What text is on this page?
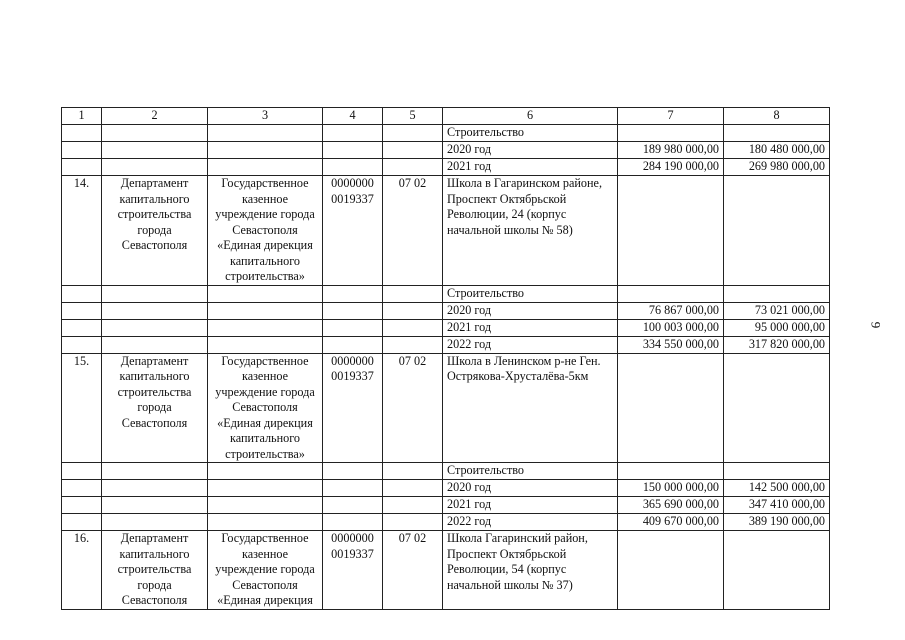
1	2	3	4	5	6	7	8
					Строительство		
					2020 год	189 980 000,00	180 480 000,00
					2021 год	284 190 000,00	269 980 000,00
14.	Департамент капитального строительства города Севастополя	Государственное казенное учреждение города Севастополя «Единая дирекция капитального строительства»	0000000 0019337	07 02	Школа в Гагаринском районе, Проспект Октябрьской Революции, 24 (корпус начальной школы № 58)		
					Строительство		
					2020 год	76 867 000,00	73 021 000,00
					2021 год	100 003 000,00	95 000 000,00
					2022 год	334 550 000,00	317 820 000,00
15.	Департамент капитального строительства города Севастополя	Государственное казенное учреждение города Севастополя «Единая дирекция капитального строительства»	0000000 0019337	07 02	Школа в Ленинском р-не Ген. Острякова-Хрусталёва-5км		
					Строительство		
					2020 год	150 000 000,00	142 500 000,00
					2021 год	365 690 000,00	347 410 000,00
					2022 год	409 670 000,00	389 190 000,00
16.	Департамент капитального строительства города Севастополя	Государственное казенное учреждение города Севастополя «Единая дирекция	0000000 0019337	07 02	Школа Гагаринский район, Проспект Октябрьской Революции, 54 (корпус начальной школы № 37)		
9
